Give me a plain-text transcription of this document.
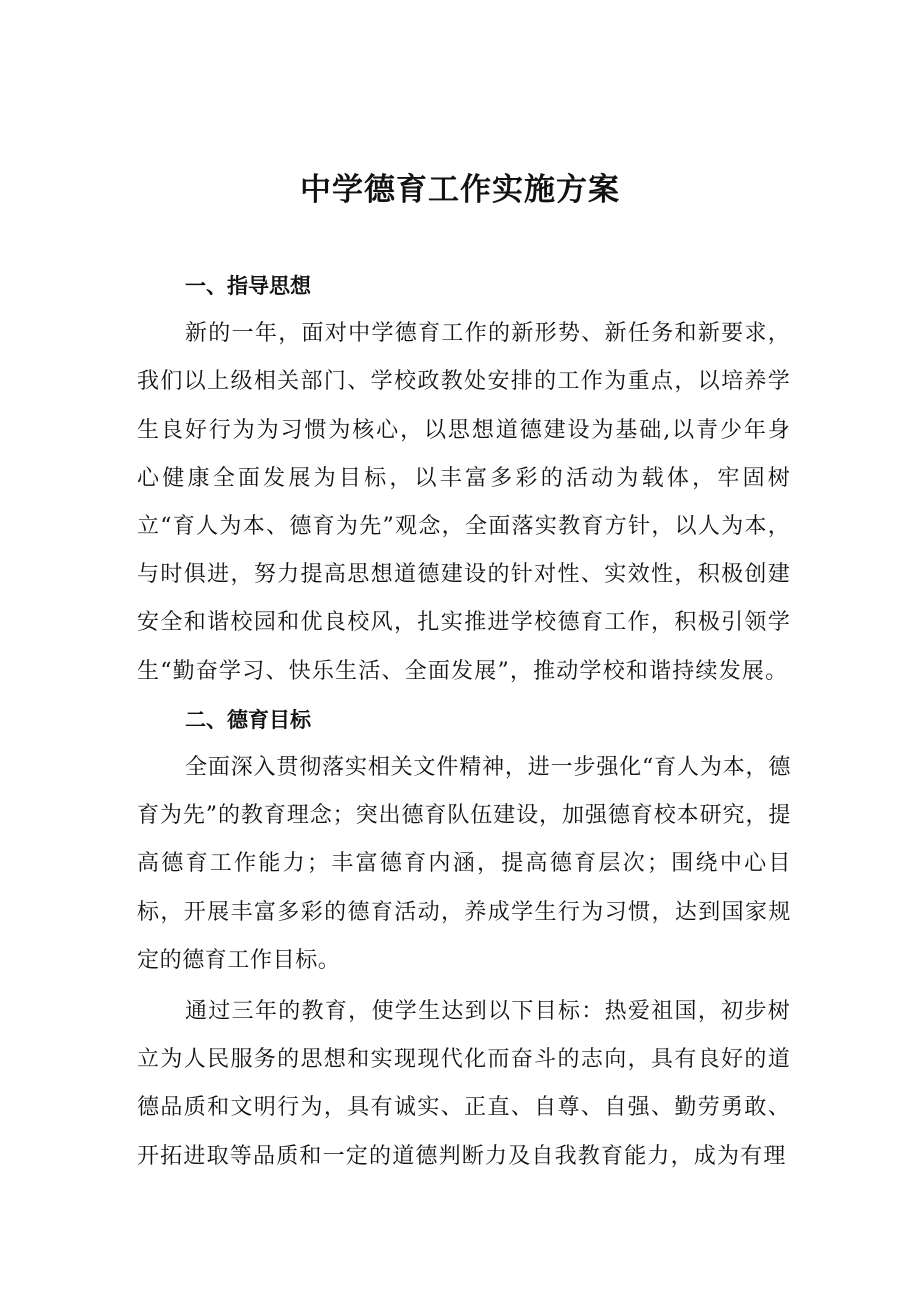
中学德育工作实施方案
一、指导思想

新的一年，面对中学德育工作的新形势、新任务和新要求，我们以上级相关部门、学校政教处安排的工作为重点，以培养学生良好行为为习惯为核心，以思想道德建设为基础,以青少年身心健康全面发展为目标，以丰富多彩的活动为载体，牢固树立“育人为本、德育为先”观念，全面落实教育方针，以人为本，与时俱进，努力提高思想道德建设的针对性、实效性，积极创建安全和谐校园和优良校风，扎实推进学校德育工作，积极引领学生“勤奋学习、快乐生活、全面发展”，推动学校和谐持续发展。

二、德育目标

全面深入贯彻落实相关文件精神，进一步强化“育人为本，德育为先”的教育理念；突出德育队伍建设，加强德育校本研究，提高德育工作能力；丰富德育内涵，提高德育层次；围绕中心目标，开展丰富多彩的德育活动，养成学生行为习惯，达到国家规定的德育工作目标。

通过三年的教育，使学生达到以下目标：热爱祖国，初步树立为人民服务的思想和实现现代化而奋斗的志向，具有良好的道德品质和文明行为，具有诚实、正直、自尊、自强、勤劳勇敢、开拓进取等品质和一定的道德判断力及自我教育能力，成为有理
